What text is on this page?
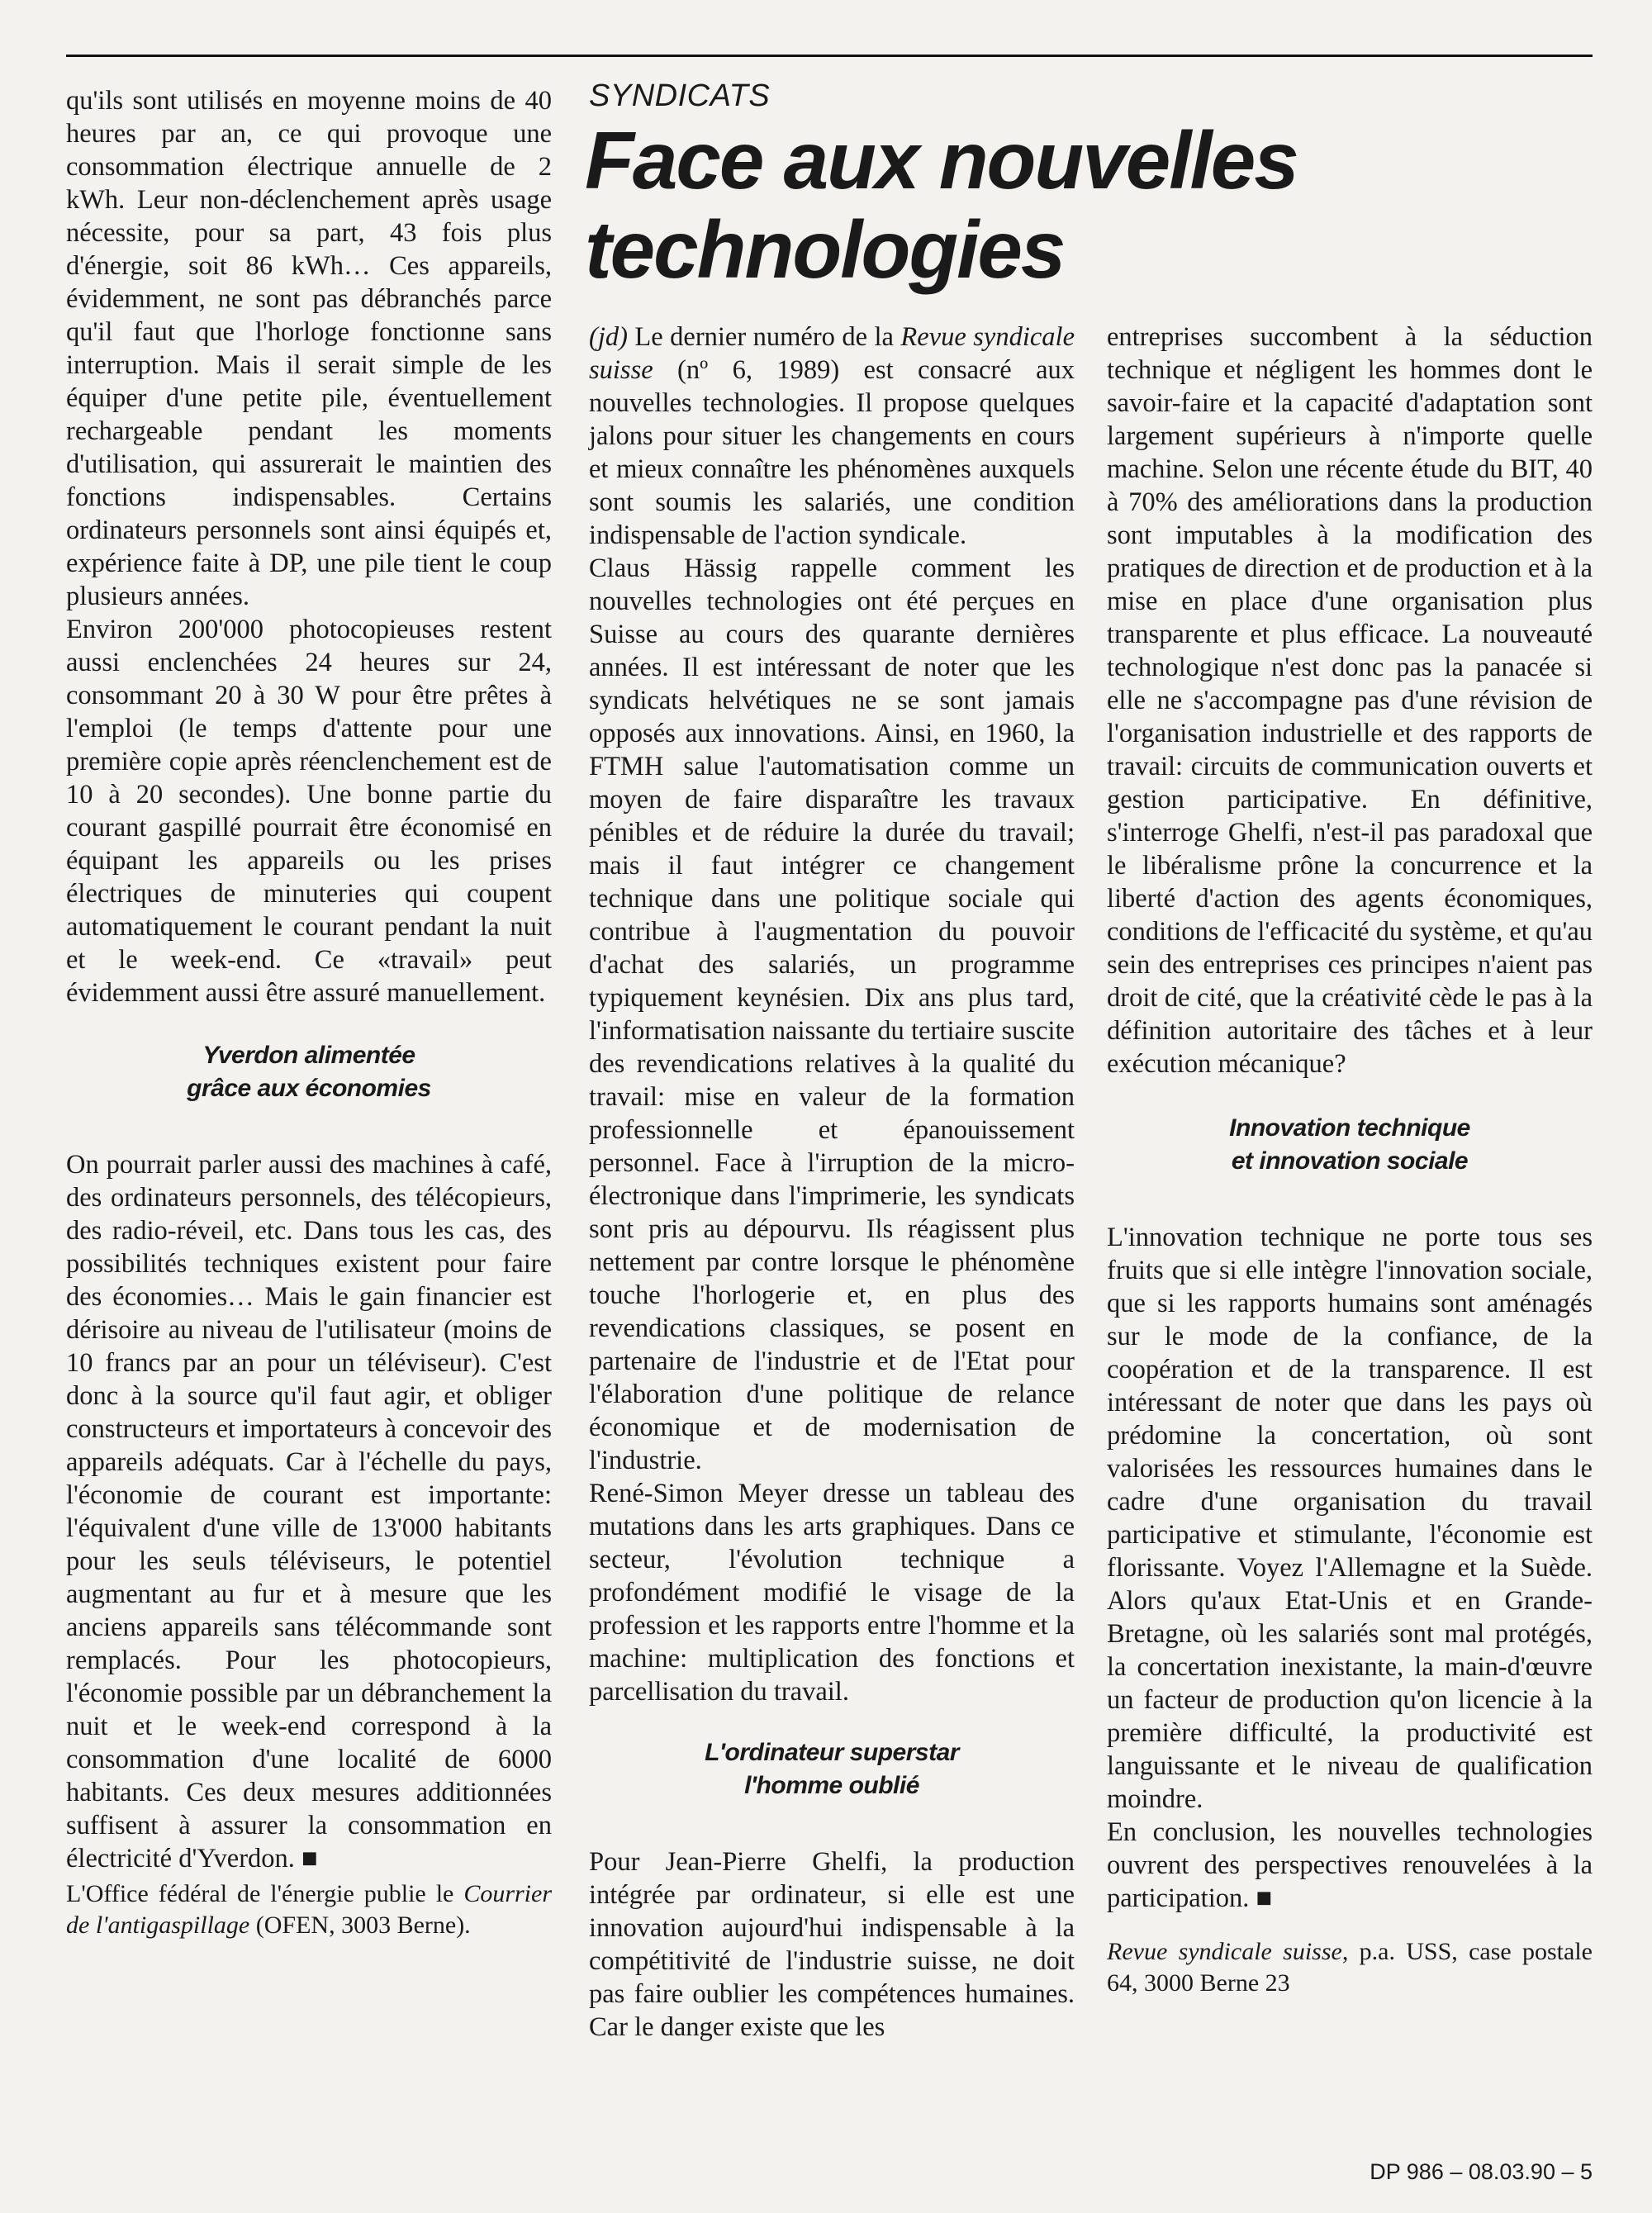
qu'ils sont utilisés en moyenne moins de 40 heures par an, ce qui provoque une consommation électrique annuelle de 2 kWh. Leur non-déclenchement après usage nécessite, pour sa part, 43 fois plus d'énergie, soit 86 kWh… Ces appareils, évidemment, ne sont pas débranchés parce qu'il faut que l'horloge fonctionne sans interruption. Mais il serait simple de les équiper d'une petite pile, éventuellement rechargeable pendant les moments d'utilisation, qui assurerait le maintien des fonctions indispensables. Certains ordinateurs personnels sont ainsi équipés et, expérience faite à DP, une pile tient le coup plusieurs années.

Environ 200'000 photocopieuses restent aussi enclenchées 24 heures sur 24, consommant 20 à 30 W pour être prêtes à l'emploi (le temps d'attente pour une première copie après réenclenchement est de 10 à 20 secondes). Une bonne partie du courant gaspillé pourrait être économisé en équipant les appareils ou les prises électriques de minuteries qui coupent automatiquement le courant pendant la nuit et le week-end. Ce «travail» peut évidemment aussi être assuré manuellement.

Yverdon alimentée
grâce aux économies

On pourrait parler aussi des machines à café, des ordinateurs personnels, des télécopieurs, des radio-réveil, etc. Dans tous les cas, des possibilités techniques existent pour faire des économies… Mais le gain financier est dérisoire au niveau de l'utilisateur (moins de 10 francs par an pour un téléviseur). C'est donc à la source qu'il faut agir, et obliger constructeurs et importateurs à concevoir des appareils adéquats. Car à l'échelle du pays, l'économie de courant est importante: l'équivalent d'une ville de 13'000 habitants pour les seuls téléviseurs, le potentiel augmentant au fur et à mesure que les anciens appareils sans télécommande sont remplacés. Pour les photocopieurs, l'économie possible par un débranchement la nuit et le week-end correspond à la consommation d'une localité de 6000 habitants. Ces deux mesures additionnées suffisent à assurer la consommation en électricité d'Yverdon. ■

L'Office fédéral de l'énergie publie le Courrier de l'antigaspillage (OFEN, 3003 Berne).

SYNDICATS
Face aux nouvelles technologies

(jd) Le dernier numéro de la Revue syndicale suisse (nº 6, 1989) est consacré aux nouvelles technologies. Il propose quelques jalons pour situer les changements en cours et mieux connaître les phénomènes auxquels sont soumis les salariés, une condition indispensable de l'action syndicale.

Claus Hässig rappelle comment les nouvelles technologies ont été perçues en Suisse au cours des quarante dernières années. Il est intéressant de noter que les syndicats helvétiques ne se sont jamais opposés aux innovations. Ainsi, en 1960, la FTMH salue l'automatisation comme un moyen de faire disparaître les travaux pénibles et de réduire la durée du travail; mais il faut intégrer ce changement technique dans une politique sociale qui contribue à l'augmentation du pouvoir d'achat des salariés, un programme typiquement keynésien. Dix ans plus tard, l'informatisation naissante du tertiaire suscite des revendications relatives à la qualité du travail: mise en valeur de la formation professionnelle et épanouissement personnel. Face à l'irruption de la micro-électronique dans l'imprimerie, les syndicats sont pris au dépourvu. Ils réagissent plus nettement par contre lorsque le phénomène touche l'horlogerie et, en plus des revendications classiques, se posent en partenaire de l'industrie et de l'Etat pour l'élaboration d'une politique de relance économique et de modernisation de l'industrie.

René-Simon Meyer dresse un tableau des mutations dans les arts graphiques. Dans ce secteur, l'évolution technique a profondément modifié le visage de la profession et les rapports entre l'homme et la machine: multiplication des fonctions et parcellisation du travail.

L'ordinateur superstar
l'homme oublié

Pour Jean-Pierre Ghelfi, la production intégrée par ordinateur, si elle est une innovation aujourd'hui indispensable à la compétitivité de l'industrie suisse, ne doit pas faire oublier les compétences humaines. Car le danger existe que les

entreprises succombent à la séduction technique et négligent les hommes dont le savoir-faire et la capacité d'adaptation sont largement supérieurs à n'importe quelle machine. Selon une récente étude du BIT, 40 à 70% des améliorations dans la production sont imputables à la modification des pratiques de direction et de production et à la mise en place d'une organisation plus transparente et plus efficace. La nouveauté technologique n'est donc pas la panacée si elle ne s'accompagne pas d'une révision de l'organisation industrielle et des rapports de travail: circuits de communication ouverts et gestion participative. En définitive, s'interroge Ghelfi, n'est-il pas paradoxal que le libéralisme prône la concurrence et la liberté d'action des agents économiques, conditions de l'efficacité du système, et qu'au sein des entreprises ces principes n'aient pas droit de cité, que la créativité cède le pas à la définition autoritaire des tâches et à leur exécution mécanique?

Innovation technique
et innovation sociale

L'innovation technique ne porte tous ses fruits que si elle intègre l'innovation sociale, que si les rapports humains sont aménagés sur le mode de la confiance, de la coopération et de la transparence. Il est intéressant de noter que dans les pays où prédomine la concertation, où sont valorisées les ressources humaines dans le cadre d'une organisation du travail participative et stimulante, l'économie est florissante. Voyez l'Allemagne et la Suède. Alors qu'aux Etat-Unis et en Grande-Bretagne, où les salariés sont mal protégés, la concertation inexistante, la main-d'œuvre un facteur de production qu'on licencie à la première difficulté, la productivité est languissante et le niveau de qualification moindre.

En conclusion, les nouvelles technologies ouvrent des perspectives renouvelées à la participation. ■

Revue syndicale suisse, p.a. USS, case postale 64, 3000 Berne 23

DP 986 – 08.03.90 – 5
